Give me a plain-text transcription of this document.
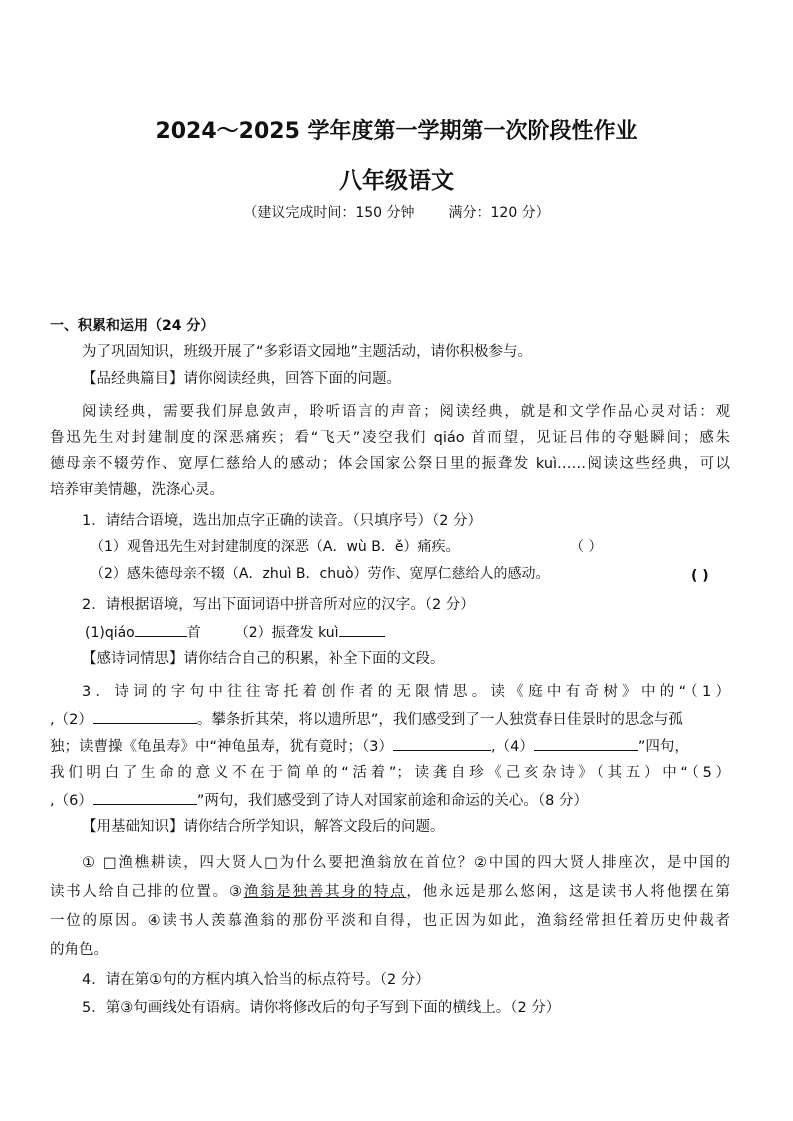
2024～2025 学年度第一学期第一次阶段性作业
八年级语文
（建议完成时间：150 分钟 满分：120 分）
一、积累和运用（24 分）
为了巩固知识，班级开展了“多彩语文园地”主题活动，请你积极参与。
【品经典篇目】请你阅读经典，回答下面的问题。
阅读经典，需要我们屏息敛声，聆听语言的声音；阅读经典，就是和文学作品心灵对话：观
鲁迅先生对封建制度的深恶痛疾；看“飞天”凌空我们 qiáo 首而望，见证吕伟的夺魁瞬间；感朱
德母亲不辍劳作、宽厚仁慈给人的感动；体会国家公祭日里的振聋发 kuì……阅读这些经典，可以
培养审美情趣，洗涤心灵。
1．请结合语境，选出加点字正确的读音。（只填序号）（2 分）
（1）观鲁迅先生对封建制度的深恶（A．wù B．ě）痛疾。	（ ）
（2）感朱德母亲不辍（A．zhuì B．chuò）劳作、宽厚仁慈给人的感动。	( )
2．请根据语境，写出下面词语中拼音所对应的汉字。（2 分）
(1)qiáo	首 （2）振聋发 kuì
【感诗词情思】请你结合自己的积累，补全下面的文段。
3．诗词的字句中往往寄托着创作者的无限情思。读《庭中有奇树》中的“（1）
,（2）	。攀条折其荣，将以遗所思”，我们感受到了一人独赏春日佳景时的思念与孤
独；读曹操《龟虽寿》中“神龟虽寿，犹有竟时；（3）	,（4）	”四句，
我们明白了生命的意义不在于简单的“活着”；读龚自珍《己亥杂诗》（其五）中“（5）
,（6）	”两句，我们感受到了诗人对国家前途和命运的关心。（8 分）
【用基础知识】请你结合所学知识，解答文段后的问题。
① □渔樵耕读，四大贤人□为什么要把渔翁放在首位？②中国的四大贤人排座次，是中国的
读书人给自己排的位置。③渔翁是独善其身的特点，他永远是那么悠闲，这是读书人将他摆在第
一位的原因。④读书人羡慕渔翁的那份平淡和自得，也正因为如此，渔翁经常担任着历史仲裁者
的角色。
4．请在第①句的方框内填入恰当的标点符号。（2 分）
5．第③句画线处有语病。请你将修改后的句子写到下面的横线上。（2 分）
